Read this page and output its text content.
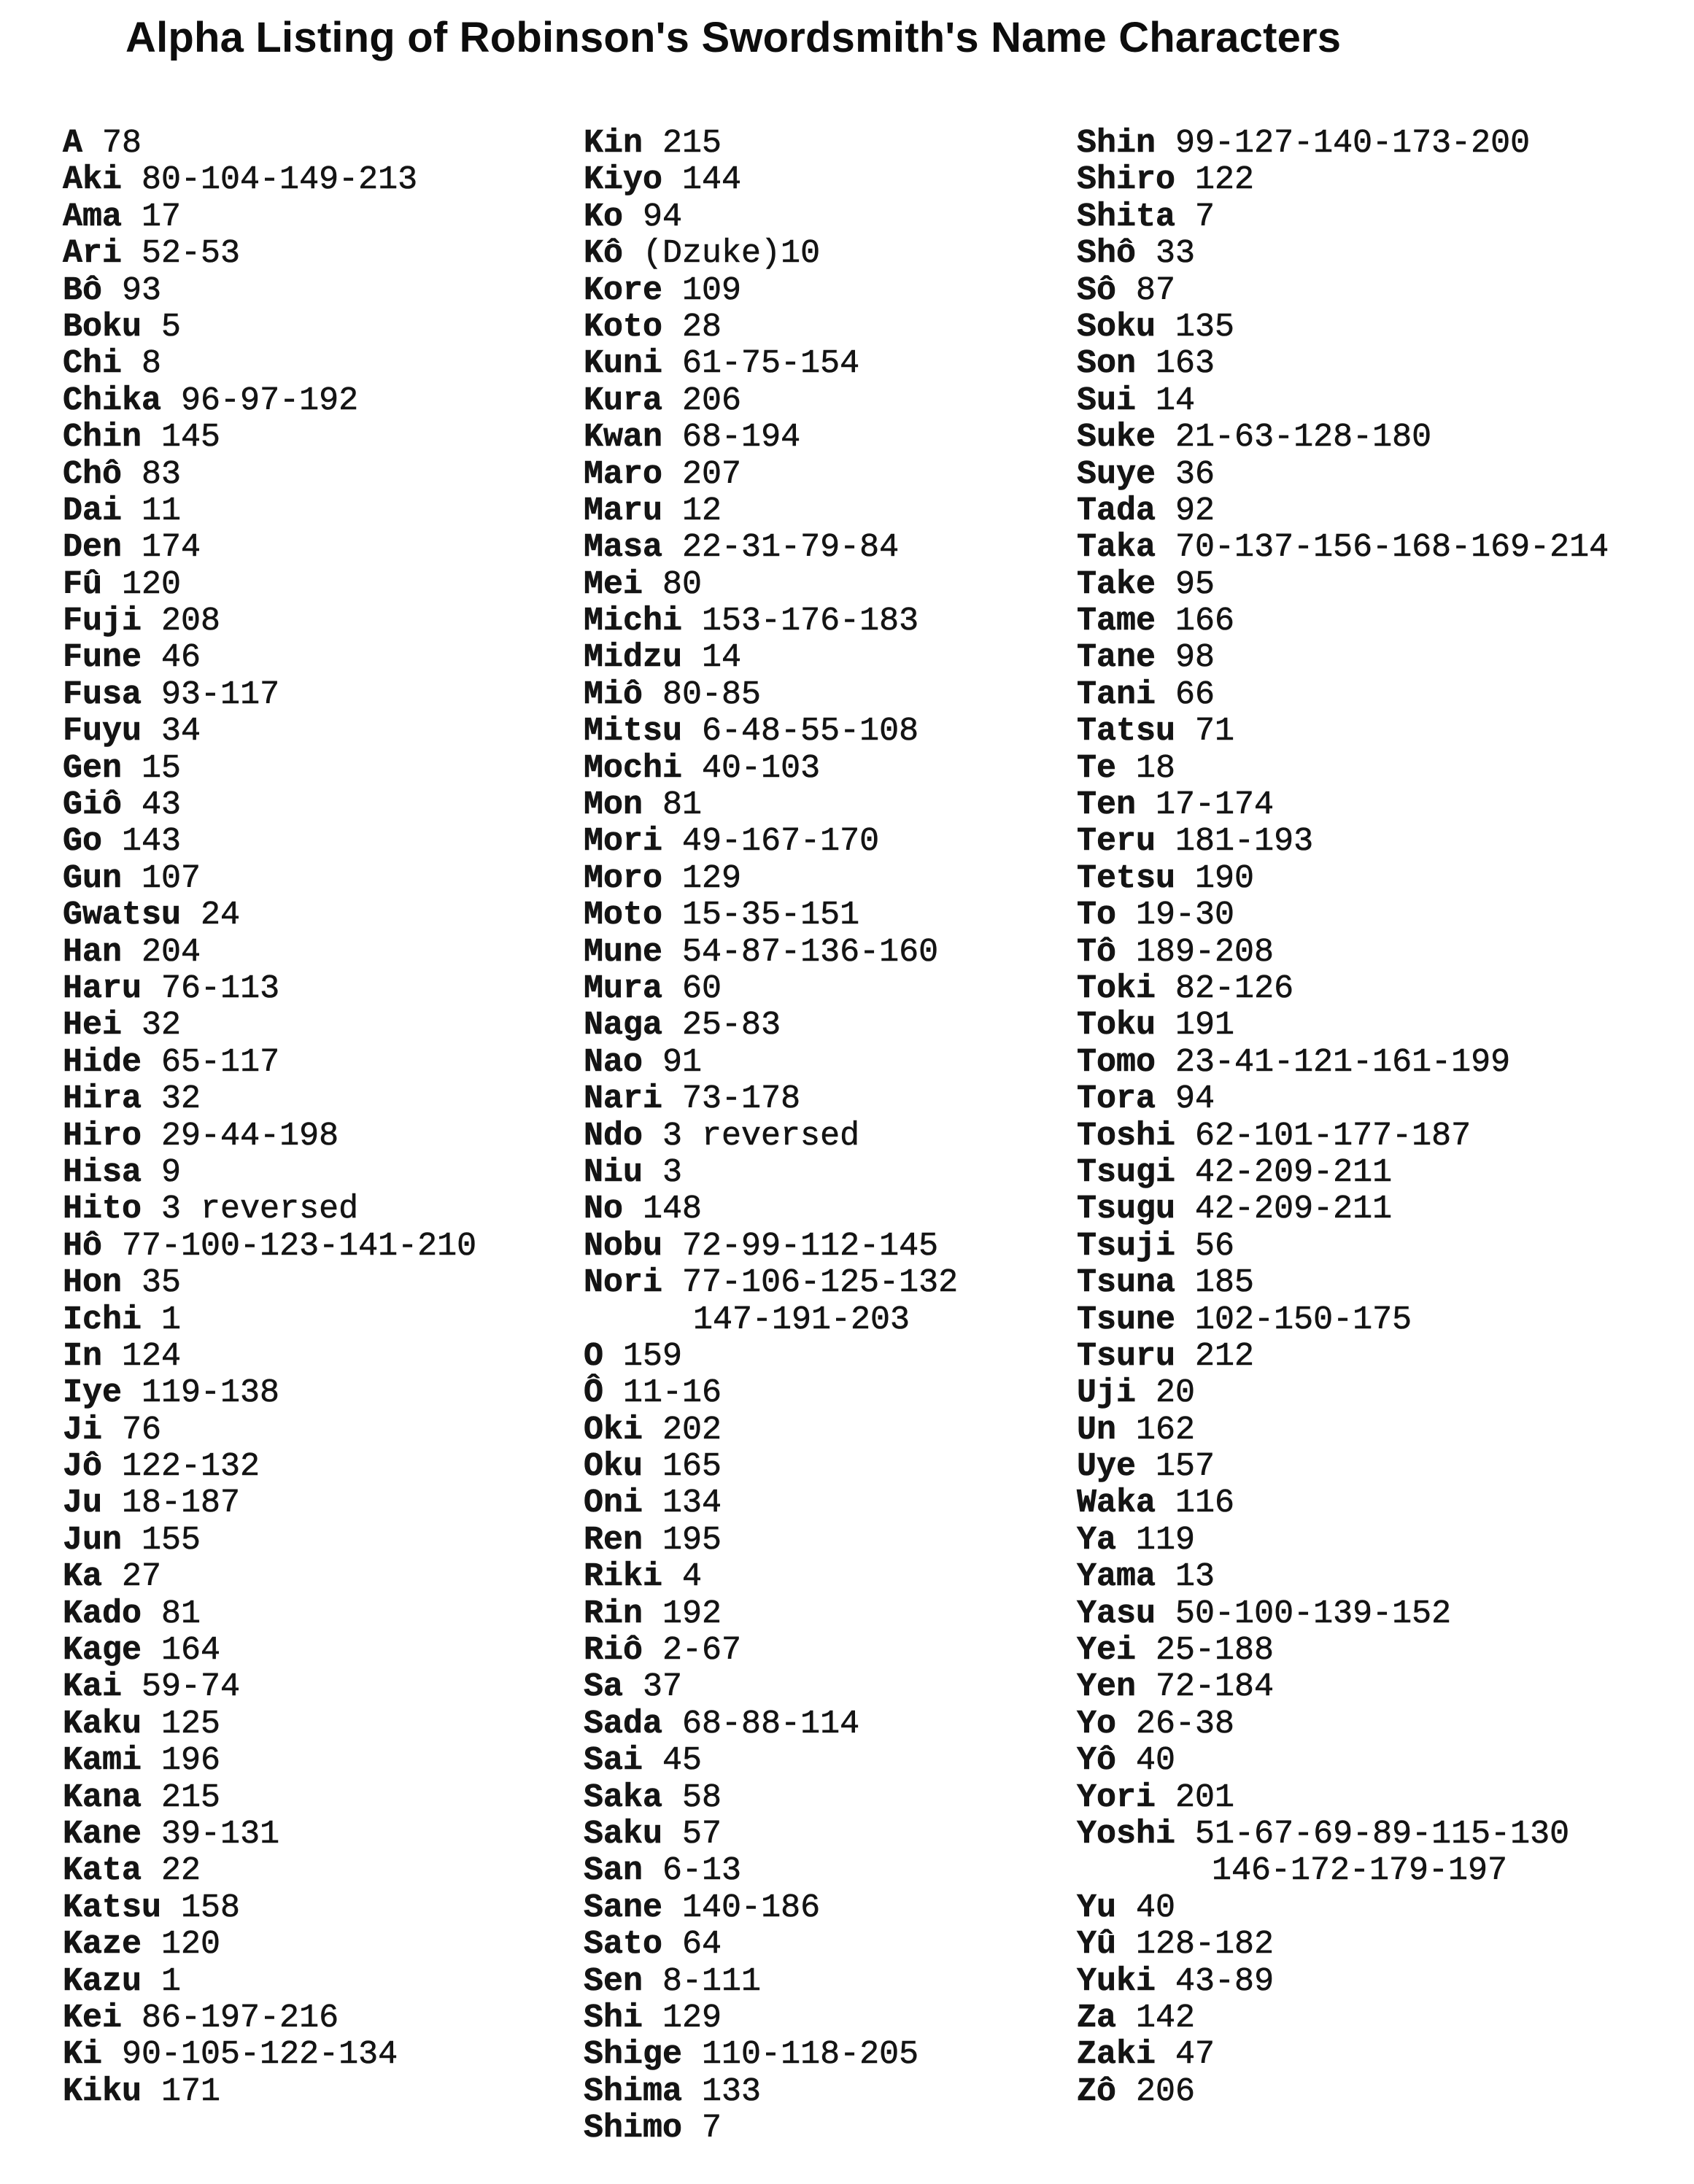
Alpha Listing of Robinson's Swordsmith's Name Characters
A 78
Aki 80-104-149-213
Ama 17
Ari 52-53
Bô 93
Boku 5
Chi 8
Chika 96-97-192
Chin 145
Chô 83
Dai 11
Den 174
Fû 120
Fuji 208
Fune 46
Fusa 93-117
Fuyu 34
Gen 15
Giô 43
Go 143
Gun 107
Gwatsu 24
Han 204
Haru 76-113
Hei 32
Hide 65-117
Hira 32
Hiro 29-44-198
Hisa 9
Hito 3 reversed
Hô 77-100-123-141-210
Hon 35
Ichi 1
In 124
Iye 119-138
Ji 76
Jô 122-132
Ju 18-187
Jun 155
Ka 27
Kado 81
Kage 164
Kai 59-74
Kaku 125
Kami 196
Kana 215
Kane 39-131
Kata 22
Katsu 158
Kaze 120
Kazu 1
Kei 86-197-216
Ki 90-105-122-134
Kiku 171
Kin 215
Kiyo 144
Ko 94
Kô (Dzuke)10
Kore 109
Koto 28
Kuni 61-75-154
Kura 206
Kwan 68-194
Maro 207
Maru 12
Masa 22-31-79-84
Mei 80
Michi 153-176-183
Midzu 14
Miô 80-85
Mitsu 6-48-55-108
Mochi 40-103
Mon 81
Mori 49-167-170
Moro 129
Moto 15-35-151
Mune 54-87-136-160
Mura 60
Naga 25-83
Nao 91
Nari 73-178
Ndo 3 reversed
Niu 3
No 148
Nobu 72-99-112-145
Nori 77-106-125-132
147-191-203
O 159
Ô 11-16
Oki 202
Oku 165
Oni 134
Ren 195
Riki 4
Rin 192
Riô 2-67
Sa 37
Sada 68-88-114
Sai 45
Saka 58
Saku 57
San 6-13
Sane 140-186
Sato 64
Sen 8-111
Shi 129
Shige 110-118-205
Shima 133
Shimo 7
Shin 99-127-140-173-200
Shiro 122
Shita 7
Shô 33
Sô 87
Soku 135
Son 163
Sui 14
Suke 21-63-128-180
Suye 36
Tada 92
Taka 70-137-156-168-169-214
Take 95
Tame 166
Tane 98
Tani 66
Tatsu 71
Te 18
Ten 17-174
Teru 181-193
Tetsu 190
To 19-30
Tô 189-208
Toki 82-126
Toku 191
Tomo 23-41-121-161-199
Tora 94
Toshi 62-101-177-187
Tsugi 42-209-211
Tsugu 42-209-211
Tsuji 56
Tsuna 185
Tsune 102-150-175
Tsuru 212
Uji 20
Un 162
Uye 157
Waka 116
Ya 119
Yama 13
Yasu 50-100-139-152
Yei 25-188
Yen 72-184
Yo 26-38
Yô 40
Yori 201
Yoshi 51-67-69-89-115-130
146-172-179-197
Yu 40
Yû 128-182
Yuki 43-89
Za 142
Zaki 47
Zô 206
